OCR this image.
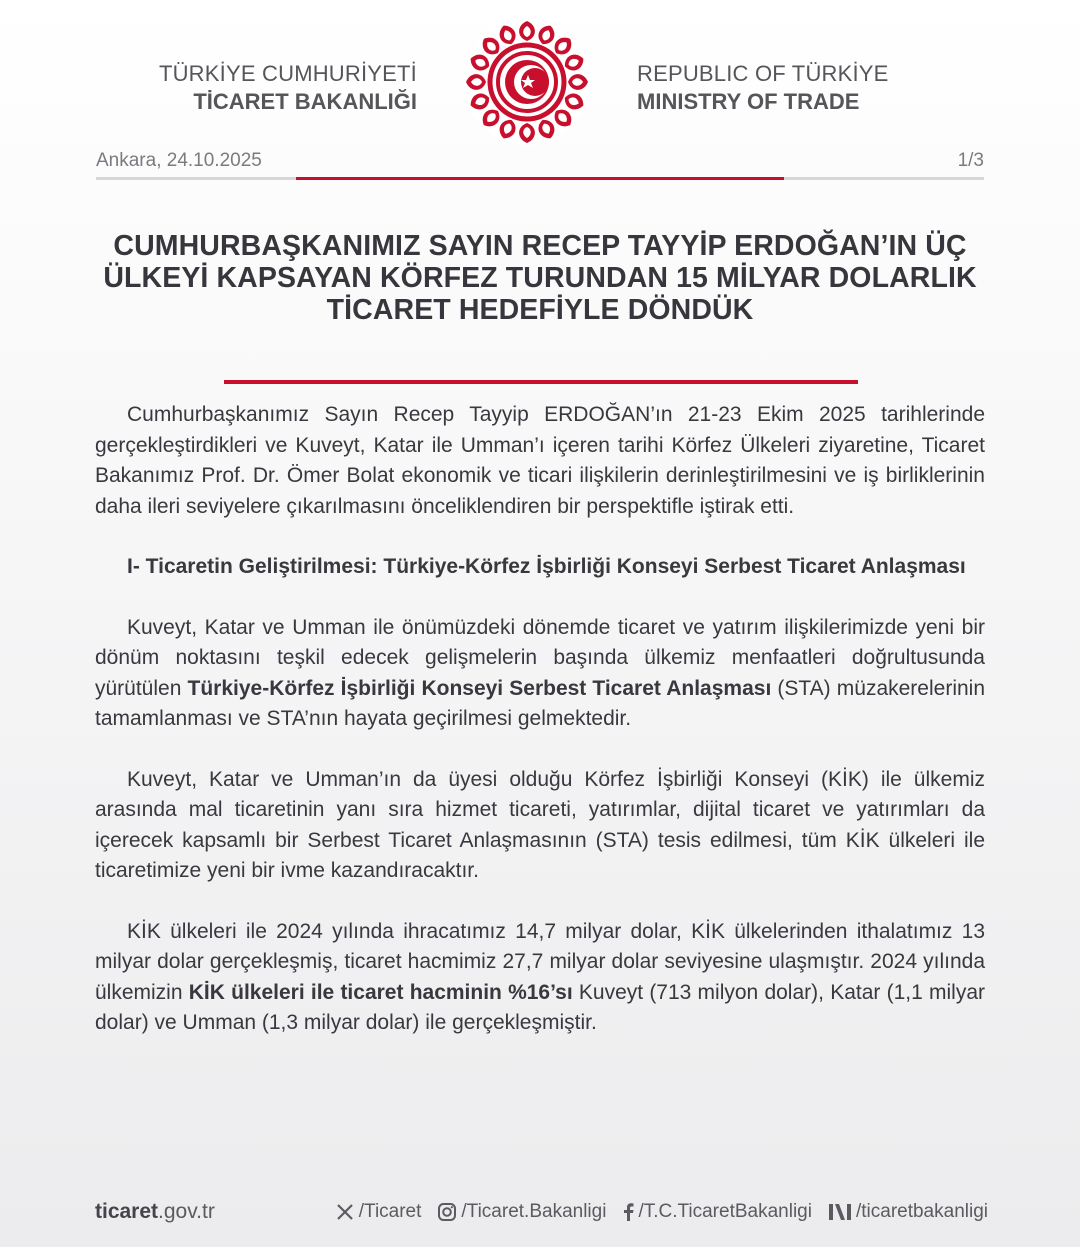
TÜRKİYE CUMHURİYETİ
TİCARET BAKANLIĞI
REPUBLIC OF TÜRKİYE
MINISTRY OF TRADE
Ankara, 24.10.2025	1/3
CUMHURBAŞKANIMIZ SAYIN RECEP TAYYİP ERDOĞAN’IN ÜÇ ÜLKEYİ KAPSAYAN KÖRFEZ TURUNDAN 15 MİLYAR DOLARLIK TİCARET HEDEFİYLE DÖNDÜK

Cumhurbaşkanımız Sayın Recep Tayyip ERDOĞAN’ın 21-23 Ekim 2025 tarihlerinde gerçekleştirdikleri ve Kuveyt, Katar ile Umman’ı içeren tarihi Körfez Ülkeleri ziyaretine, Ticaret Bakanımız Prof. Dr. Ömer Bolat ekonomik ve ticari ilişkilerin derinleştirilmesini ve iş birliklerinin daha ileri seviyelere çıkarılmasını önceliklendiren bir perspektifle iştirak etti.

I- Ticaretin Geliştirilmesi: Türkiye-Körfez İşbirliği Konseyi Serbest Ticaret Anlaşması

Kuveyt, Katar ve Umman ile önümüzdeki dönemde ticaret ve yatırım ilişkilerimizde yeni bir dönüm noktasını teşkil edecek gelişmelerin başında ülkemiz menfaatleri doğrultusunda yürütülen Türkiye-Körfez İşbirliği Konseyi Serbest Ticaret Anlaşması (STA) müzakerelerinin tamamlanması ve STA’nın hayata geçirilmesi gelmektedir.

Kuveyt, Katar ve Umman’ın da üyesi olduğu Körfez İşbirliği Konseyi (KİK) ile ülkemiz arasında mal ticaretinin yanı sıra hizmet ticareti, yatırımlar, dijital ticaret ve yatırımları da içerecek kapsamlı bir Serbest Ticaret Anlaşmasının (STA) tesis edilmesi, tüm KİK ülkeleri ile ticaretimize yeni bir ivme kazandıracaktır.

KİK ülkeleri ile 2024 yılında ihracatımız 14,7 milyar dolar, KİK ülkelerinden ithalatımız 13 milyar dolar gerçekleşmiş, ticaret hacmimiz 27,7 milyar dolar seviyesine ulaşmıştır. 2024 yılında ülkemizin KİK ülkeleri ile ticaret hacminin %16’sı Kuveyt (713 milyon dolar), Katar (1,1 milyar dolar) ve Umman (1,3 milyar dolar) ile gerçekleşmiştir.

ticaret.gov.tr	/Ticaret /Ticaret.Bakanligi /T.C.TicaretBakanligi /ticaretbakanligi
